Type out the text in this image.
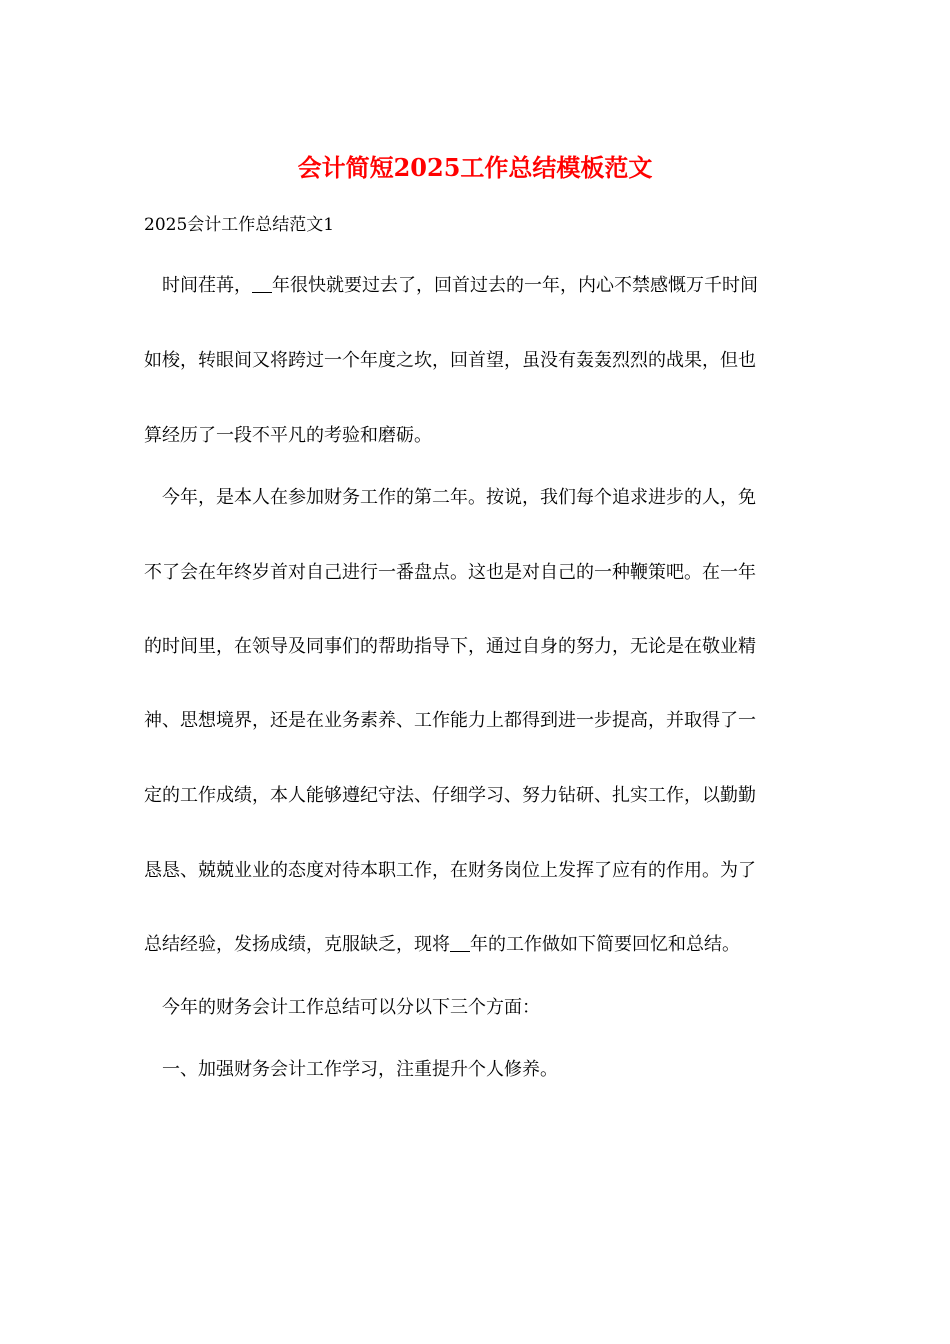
会计简短2025工作总结模板范文

2025会计工作总结范文1

时间荏苒， 年很快就要过去了，回首过去的一年，内心不禁感慨万千时间

如梭，转眼间又将跨过一个年度之坎，回首望，虽没有轰轰烈烈的战果，但也

算经历了一段不平凡的考验和磨砺。

今年，是本人在参加财务工作的第二年。按说，我们每个追求进步的人，免

不了会在年终岁首对自己进行一番盘点。这也是对自己的一种鞭策吧。在一年

的时间里，在领导及同事们的帮助指导下，通过自身的努力，无论是在敬业精

神、思想境界，还是在业务素养、工作能力上都得到进一步提高，并取得了一

定的工作成绩，本人能够遵纪守法、仔细学习、努力钻研、扎实工作，以勤勤

恳恳、兢兢业业的态度对待本职工作，在财务岗位上发挥了应有的作用。为了

总结经验，发扬成绩，克服缺乏，现将 年的工作做如下简要回忆和总结。

今年的财务会计工作总结可以分以下三个方面：

一、加强财务会计工作学习，注重提升个人修养。
